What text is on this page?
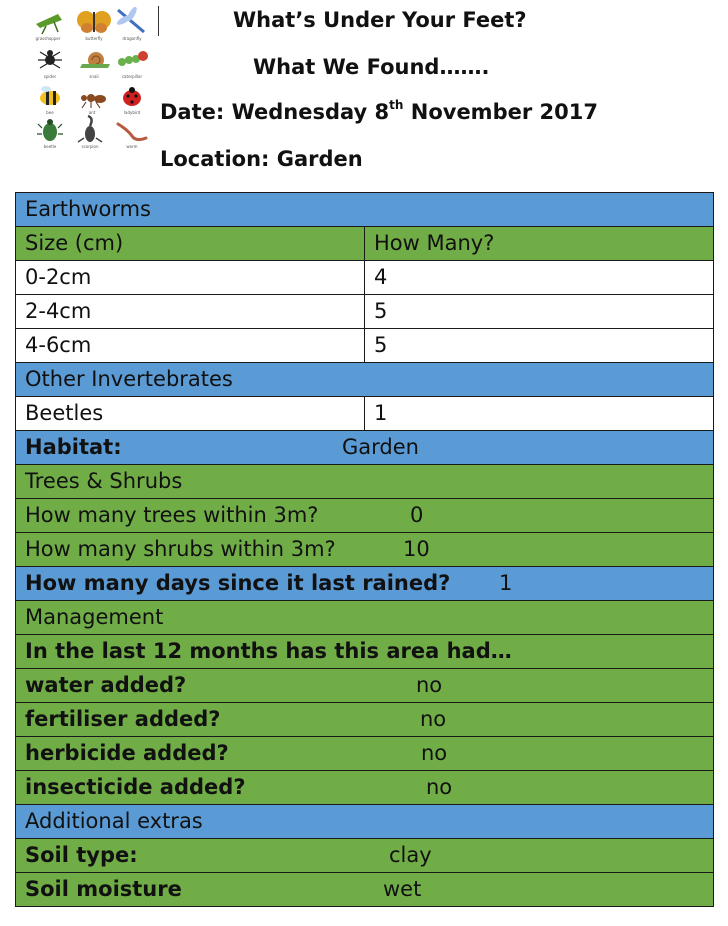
grasshopper	butterfly	dragonfly
spider	snail	caterpillar
bee	ant	ladybird
beetle	scorpion	worm
What’s Under Your Feet?
What We Found…….
Date: Wednesday 8th November 2017
Location: Garden
Earthworms	
Size (cm)	How Many?
0-2cm	4
2-4cm	5
4-6cm	5
Other Invertebrates	
Beetles	1
Habitat: Garden	

Trees & Shrubs	
How many trees within 3m? 0	

How many shrubs within 3m? 10	

How many days since it last rained? 1	

Management	
In the last 12 months has this area had…	
water added? no	

fertiliser added? no	

herbicide added? no	

insecticide added? no	

Additional extras	
Soil type: clay	

Soil moisture wet	
